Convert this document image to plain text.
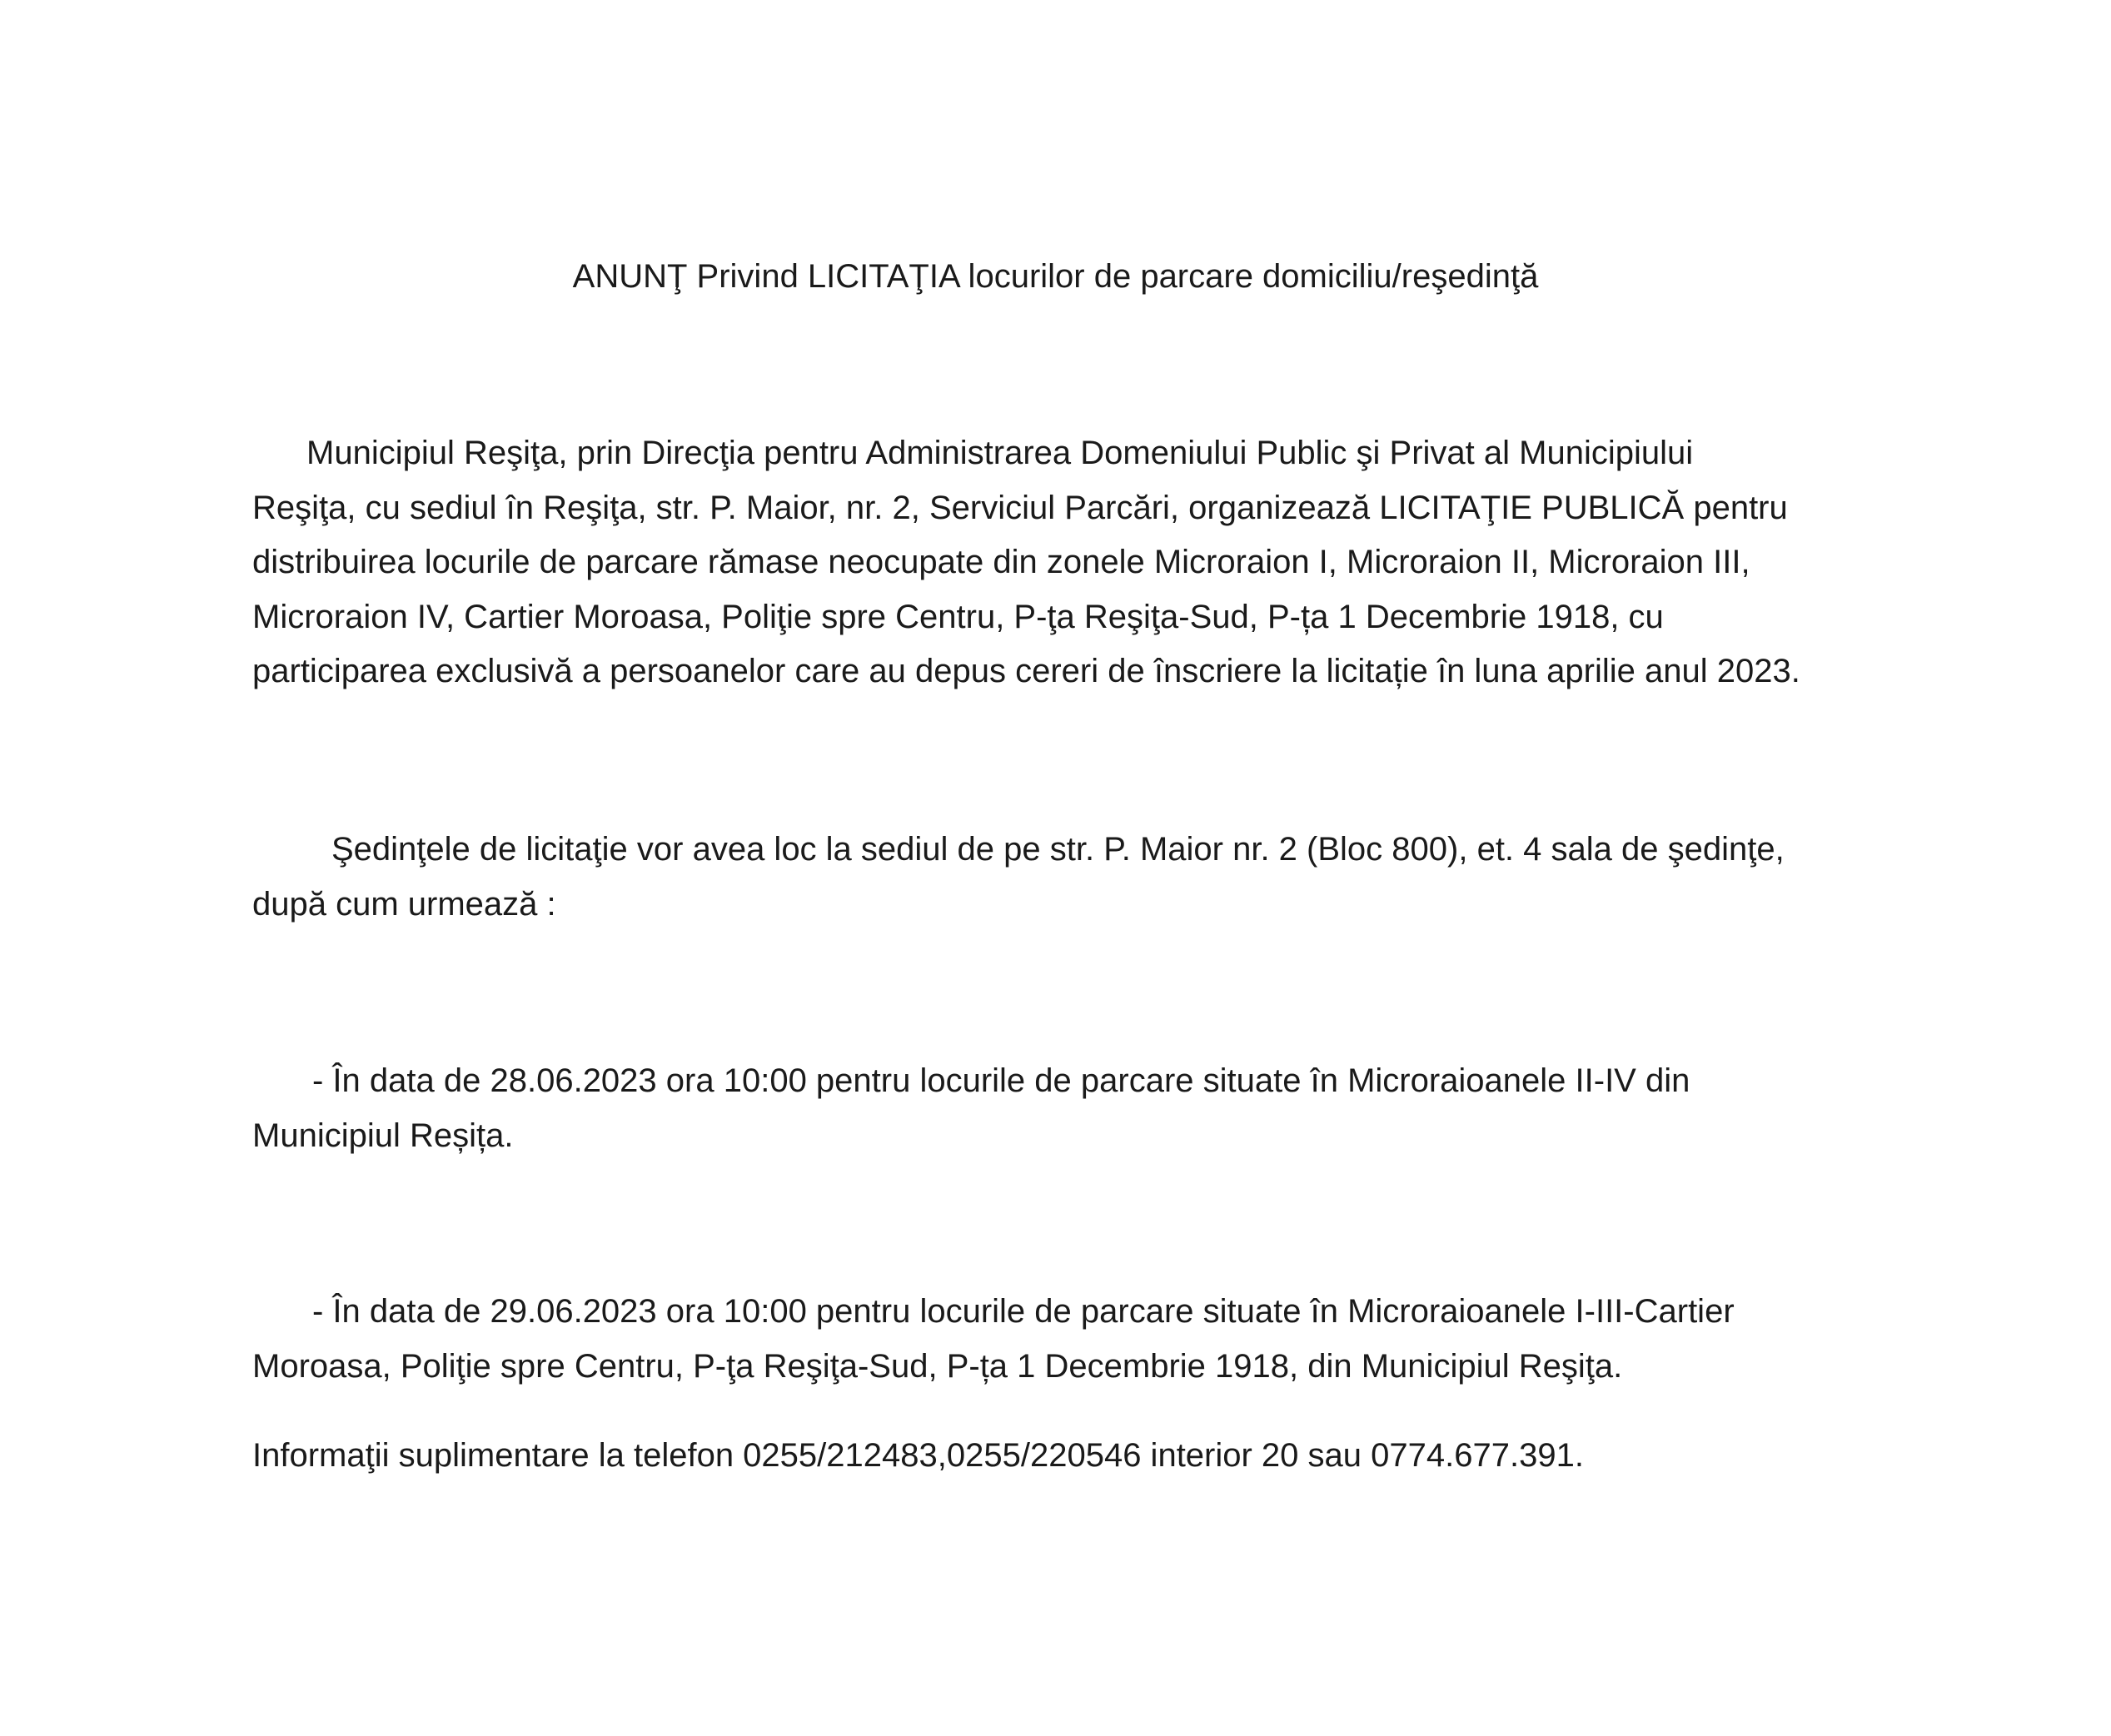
ANUNŢ Privind LICITAŢIA locurilor de parcare domiciliu/reşedinţă

Municipiul Reşiţa, prin Direcţia pentru Administrarea Domeniului Public şi Privat al Municipiului
Reşiţa, cu sediul în Reşiţa, str. P. Maior, nr. 2, Serviciul Parcări, organizează LICITAŢIE PUBLICĂ pentru
distribuirea locurile de parcare rămase neocupate din zonele Microraion I, Microraion II, Microraion III,
Microraion IV, Cartier Moroasa, Poliţie spre Centru, P-ţa Reşiţa-Sud, P-ța 1 Decembrie 1918, cu
participarea exclusivă a persoanelor care au depus cereri de înscriere la licitație în luna aprilie anul 2023.

Şedinţele de licitaţie vor avea loc la sediul de pe str. P. Maior nr. 2 (Bloc 800), et. 4 sala de şedinţe,
după cum urmează :

- În data de 28.06.2023 ora 10:00 pentru locurile de parcare situate în Microraioanele II-IV din
Municipiul Reșița.

- În data de 29.06.2023 ora 10:00 pentru locurile de parcare situate în Microraioanele I-III-Cartier
Moroasa, Poliţie spre Centru, P-ţa Reşiţa-Sud, P-ța 1 Decembrie 1918, din Municipiul Reşiţa.

Informaţii suplimentare la telefon 0255/212483,0255/220546 interior 20 sau 0774.677.391.
